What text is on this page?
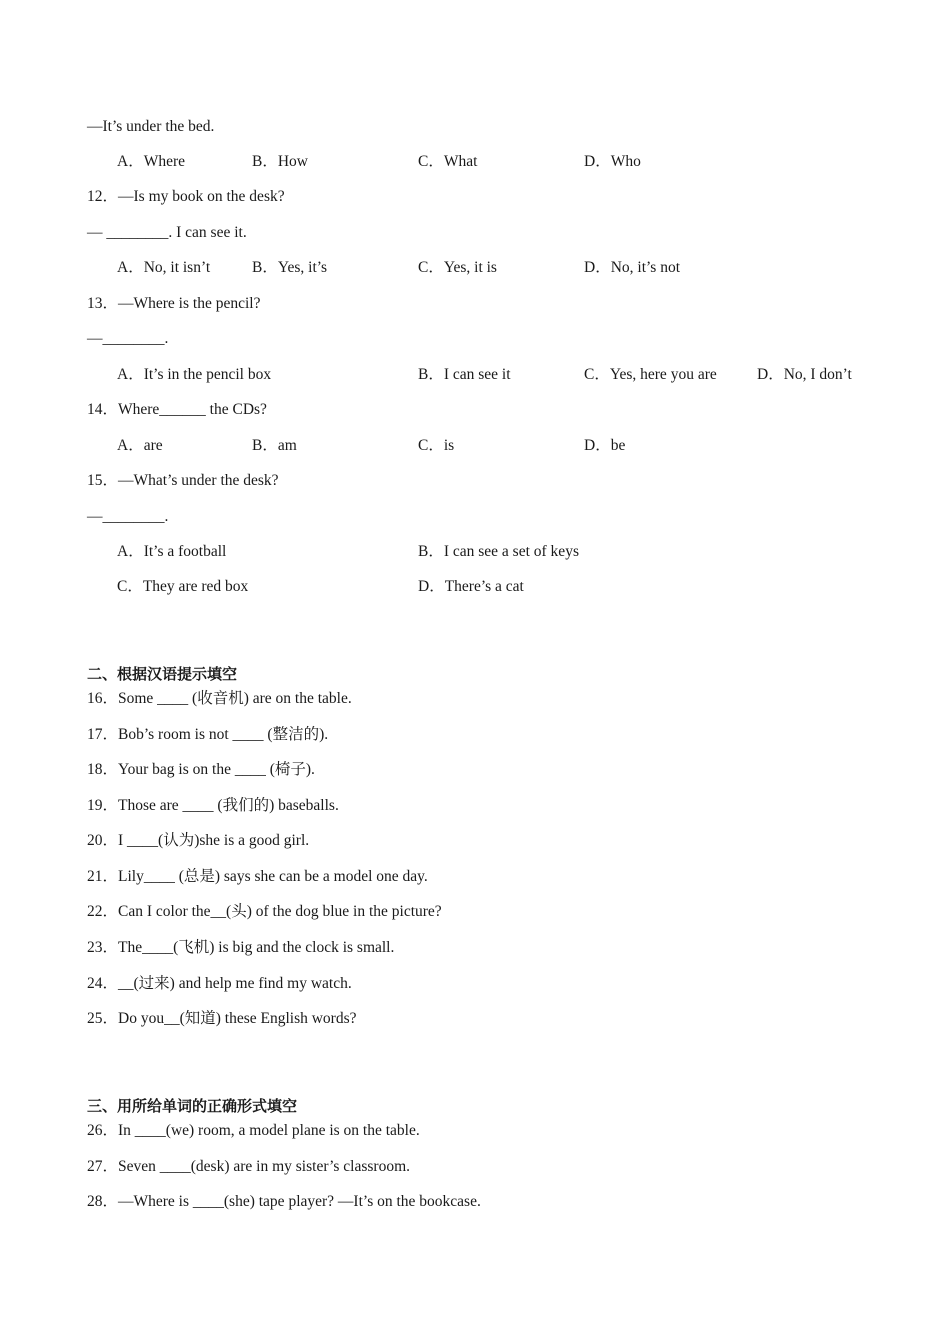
—It’s under the bed.
A．Where	B．How	C．What	D．Who
12．—Is my book on the desk?
— ________. I can see it.
A．No, it isn’t	B．Yes, it’s	C．Yes, it is	D．No, it’s not
13．—Where is the pencil?
—________.
A．It’s in the pencil box	B．I can see it	C．Yes, here you are	D．No, I don’t
14．Where______ the CDs?
A．are	B．am	C．is	D．be
15．—What’s under the desk?
—________.
A．It’s a football	B．I can see a set of keys
C．They are red box	D．There’s a cat
二、根据汉语提示填空
16．Some ____ (收音机) are on the table.
17．Bob’s room is not ____ (整洁的).
18．Your bag is on the ____ (椅子).
19．Those are ____ (我们的) baseballs.
20．I ____(认为)she is a good girl.
21．Lily____ (总是) says she can be a model one day.
22．Can I color the__(头) of the dog blue in the picture?
23．The____(飞机) is big and the clock is small.
24．__(过来) and help me find my watch.
25．Do you__(知道) these English words?
三、用所给单词的正确形式填空
26．In ____(we) room, a model plane is on the table.
27．Seven ____(desk) are in my sister’s classroom.
28．—Where is ____(she) tape player? —It’s on the bookcase.
